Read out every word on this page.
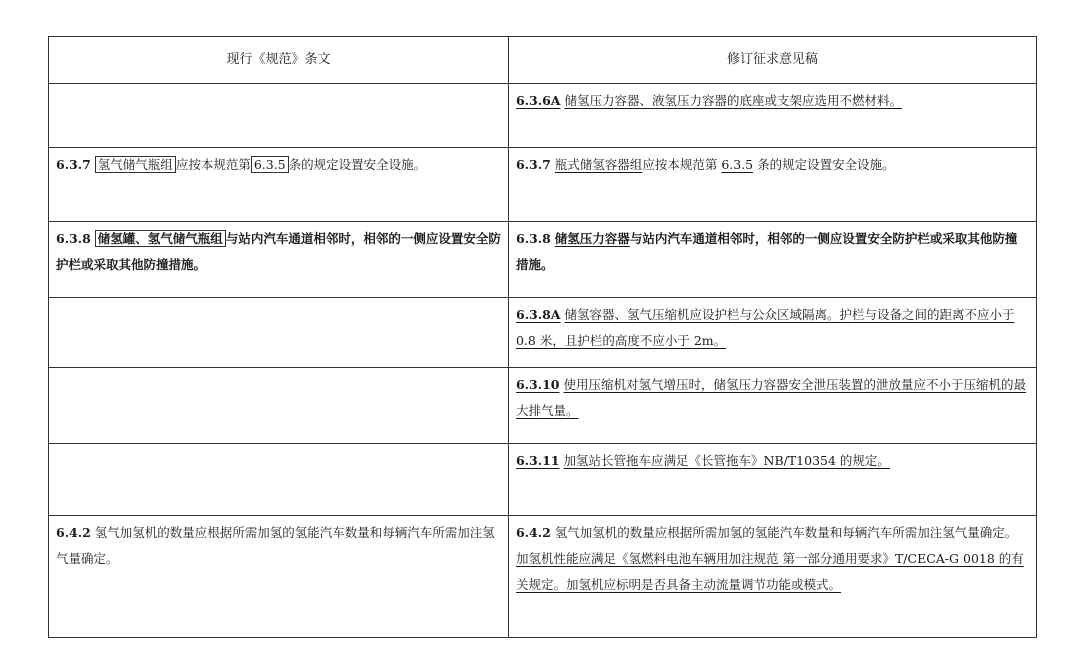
现行《规范》条文	修订征求意见稿

	6.3.6A 储氢压力容器、液氢压力容器的底座或支架应选用不燃材料。

6.3.7 氢气储气瓶组 应按本规范第 6.3.5 条的规定设置安全设施。	6.3.7 瓶式储氢容器组应按本规范第 6.3.5 条的规定设置安全设施。

6.3.8 储氢罐、氢气储气瓶组 与站内汽车通道相邻时，相邻的一侧应设置安全防护栏或采取其他防撞措施。	6.3.8 储氢压力容器与站内汽车通道相邻时，相邻的一侧应设置安全防护栏或采取其他防撞措施。

	6.3.8A 储氢容器、氢气压缩机应设护栏与公众区域隔离。护栏与设备之间的距离不应小于 0.8 米，且护栏的高度不应小于 2m。

	6.3.10 使用压缩机对氢气增压时，储氢压力容器安全泄压装置的泄放量应不小于压缩机的最大排气量。

	6.3.11 加氢站长管拖车应满足《长管拖车》NB/T10354 的规定。

6.4.2 氢气加氢机的数量应根据所需加氢的氢能汽车数量和每辆汽车所需加注氢气量确定。	6.4.2 氢气加氢机的数量应根据所需加氢的氢能汽车数量和每辆汽车所需加注氢气量确定。加氢机性能应满足《氢燃料电池车辆用加注规范 第一部分通用要求》T/CECA-G 0018 的有关规定。加氢机应标明是否具备主动流量调节功能或模式。
